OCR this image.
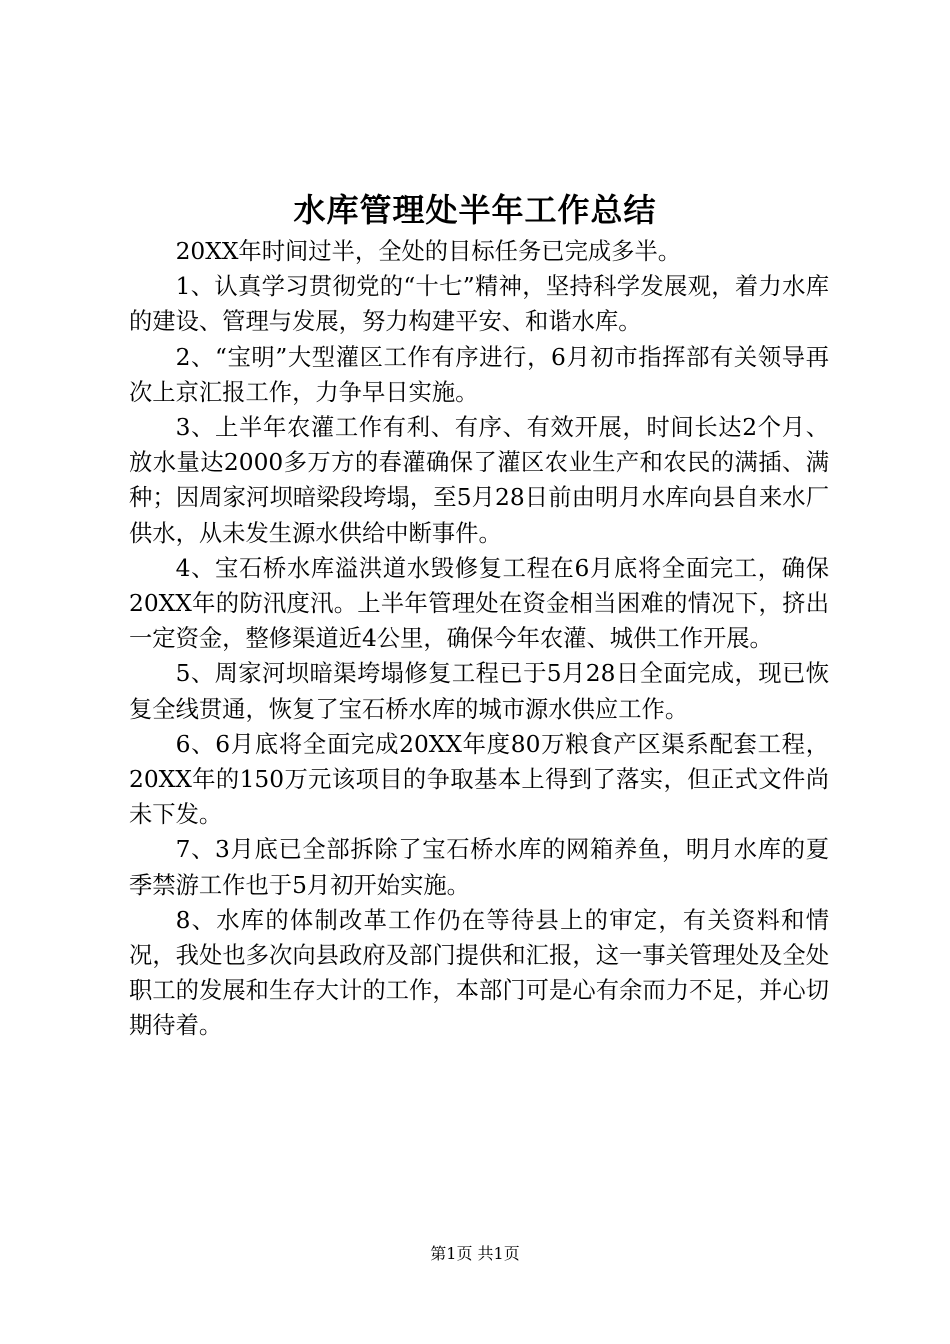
水库管理处半年工作总结

20XX年时间过半，全处的目标任务已完成多半。

1、认真学习贯彻党的“十七”精神，坚持科学发展观，着力水库的建设、管理与发展，努力构建平安、和谐水库。

2、“宝明”大型灌区工作有序进行，6月初市指挥部有关领导再次上京汇报工作，力争早日实施。

3、上半年农灌工作有利、有序、有效开展，时间长达2个月、放水量达2000多万方的春灌确保了灌区农业生产和农民的满插、满种；因周家河坝暗梁段垮塌，至5月28日前由明月水库向县自来水厂供水，从未发生源水供给中断事件。

4、宝石桥水库溢洪道水毁修复工程在6月底将全面完工，确保20XX年的防汛度汛。上半年管理处在资金相当困难的情况下，挤出一定资金，整修渠道近4公里，确保今年农灌、城供工作开展。

5、周家河坝暗渠垮塌修复工程已于5月28日全面完成，现已恢复全线贯通，恢复了宝石桥水库的城市源水供应工作。

6、6月底将全面完成20XX年度80万粮食产区渠系配套工程，20XX年的150万元该项目的争取基本上得到了落实，但正式文件尚未下发。

7、3月底已全部拆除了宝石桥水库的网箱养鱼，明月水库的夏季禁游工作也于5月初开始实施。

8、水库的体制改革工作仍在等待县上的审定，有关资料和情况，我处也多次向县政府及部门提供和汇报，这一事关管理处及全处职工的发展和生存大计的工作，本部门可是心有余而力不足，并心切期待着。

第1页 共1页
